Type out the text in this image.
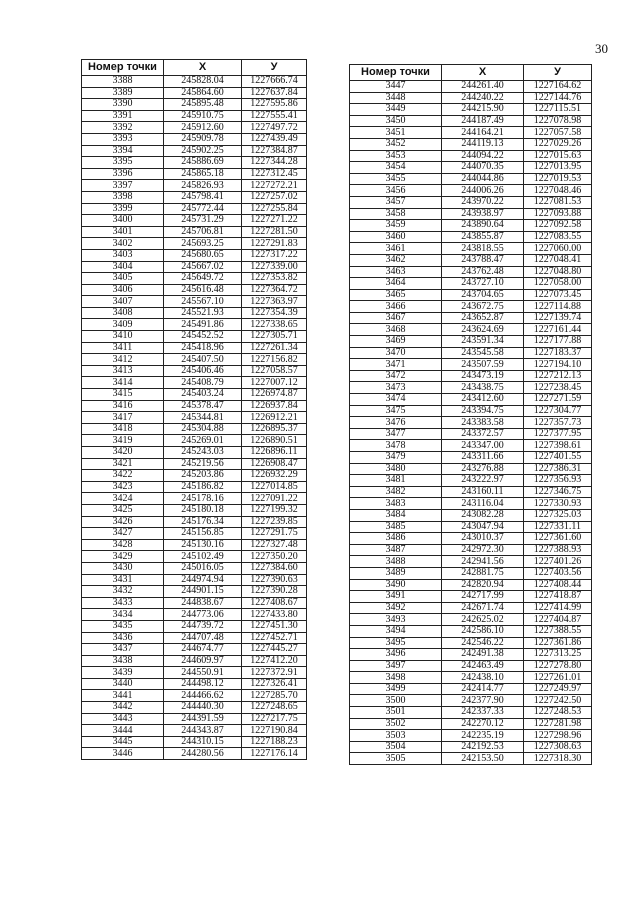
30
Номер точки	X	У
3388	245828.04	1227666.74
3389	245864.60	1227637.84
3390	245895.48	1227595.86
3391	245910.75	1227555.41
3392	245912.60	1227497.72
3393	245909.78	1227439.49
3394	245902.25	1227384.87
3395	245886.69	1227344.28
3396	245865.18	1227312.45
3397	245826.93	1227272.21
3398	245798.41	1227257.02
3399	245772.44	1227255.84
3400	245731.29	1227271.22
3401	245706.81	1227281.50
3402	245693.25	1227291.83
3403	245680.65	1227317.22
3404	245667.02	1227339.00
3405	245649.72	1227353.82
3406	245616.48	1227364.72
3407	245567.10	1227363.97
3408	245521.93	1227354.39
3409	245491.86	1227338.65
3410	245452.52	1227305.71
3411	245418.96	1227261.34
3412	245407.50	1227156.82
3413	245406.46	1227058.57
3414	245408.79	1227007.12
3415	245403.24	1226974.87
3416	245378.47	1226937.84
3417	245344.81	1226912.21
3418	245304.88	1226895.37
3419	245269.01	1226890.51
3420	245243.03	1226896.11
3421	245219.56	1226908.47
3422	245203.86	1226932.29
3423	245186.82	1227014.85
3424	245178.16	1227091.22
3425	245180.18	1227199.32
3426	245176.34	1227239.85
3427	245156.85	1227291.75
3428	245130.16	1227327.48
3429	245102.49	1227350.20
3430	245016.05	1227384.60
3431	244974.94	1227390.63
3432	244901.15	1227390.28
3433	244838.67	1227408.67
3434	244773.06	1227433.80
3435	244739.72	1227451.30
3436	244707.48	1227452.71
3437	244674.77	1227445.27
3438	244609.97	1227412.20
3439	244550.91	1227372.91
3440	244498.12	1227326.41
3441	244466.62	1227285.70
3442	244440.30	1227248.65
3443	244391.59	1227217.75
3444	244343.87	1227190.84
3445	244310.15	1227188.23
3446	244280.56	1227176.14
Номер точки	X	У
3447	244261.40	1227164.62
3448	244240.22	1227144.76
3449	244215.90	1227115.51
3450	244187.49	1227078.98
3451	244164.21	1227057.58
3452	244119.13	1227029.26
3453	244094.22	1227015.63
3454	244070.35	1227013.95
3455	244044.86	1227019.53
3456	244006.26	1227048.46
3457	243970.22	1227081.53
3458	243938.97	1227093.88
3459	243890.64	1227092.58
3460	243855.87	1227083.55
3461	243818.55	1227060.00
3462	243788.47	1227048.41
3463	243762.48	1227048.80
3464	243727.10	1227058.00
3465	243704.65	1227073.45
3466	243672.75	1227114.88
3467	243652.87	1227139.74
3468	243624.69	1227161.44
3469	243591.34	1227177.88
3470	243545.58	1227183.37
3471	243507.59	1227194.10
3472	243473.19	1227212.13
3473	243438.75	1227238.45
3474	243412.60	1227271.59
3475	243394.75	1227304.77
3476	243383.58	1227357.73
3477	243372.57	1227377.95
3478	243347.00	1227398.61
3479	243311.66	1227401.55
3480	243276.88	1227386.31
3481	243222.97	1227356.93
3482	243160.11	1227346.75
3483	243116.04	1227330.93
3484	243082.28	1227325.03
3485	243047.94	1227331.11
3486	243010.37	1227361.60
3487	242972.30	1227388.93
3488	242941.56	1227401.26
3489	242881.75	1227403.56
3490	242820.94	1227408.44
3491	242717.99	1227418.87
3492	242671.74	1227414.99
3493	242625.02	1227404.87
3494	242586.10	1227388.55
3495	242546.22	1227361.86
3496	242491.38	1227313.25
3497	242463.49	1227278.80
3498	242438.10	1227261.01
3499	242414.77	1227249.97
3500	242377.90	1227242.50
3501	242337.33	1227248.53
3502	242270.12	1227281.98
3503	242235.19	1227298.96
3504	242192.53	1227308.63
3505	242153.50	1227318.30
